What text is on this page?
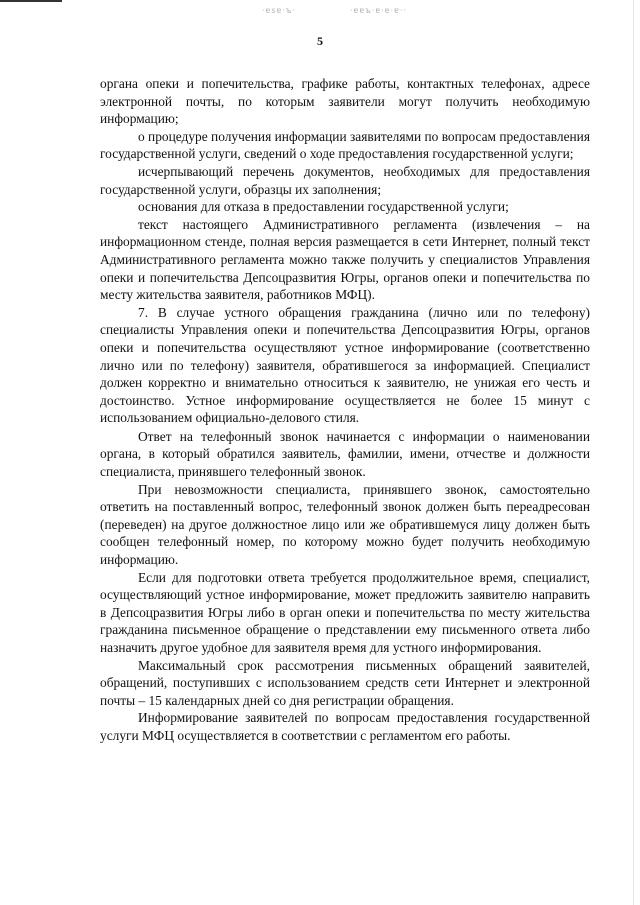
·ɐѕɐ·ъ·	·ɐɐъ·ɐ·ɐ·ɐ··
5

органа опеки и попечительства, графике работы, контактных телефонах, адресе электронной почты, по которым заявители могут получить необходимую информацию;

о процедуре получения информации заявителями по вопросам предоставления государственной услуги, сведений о ходе предоставления государственной услуги;

исчерпывающий перечень документов, необходимых для предоставления государственной услуги, образцы их заполнения;

основания для отказа в предоставлении государственной услуги;

текст настоящего Административного регламента (извлечения – на информационном стенде, полная версия размещается в сети Интернет, полный текст Административного регламента можно также получить у специалистов Управления опеки и попечительства Депсоцразвития Югры, органов опеки и попечительства по месту жительства заявителя, работников МФЦ).

7. В случае устного обращения гражданина (лично или по телефону) специалисты Управления опеки и попечительства Депсоцразвития Югры, органов опеки и попечительства осуществляют устное информирование (соответственно лично или по телефону) заявителя, обратившегося за информацией. Специалист должен корректно и внимательно относиться к заявителю, не унижая его честь и достоинство. Устное информирование осуществляется не более 15 минут с использованием официально-делового стиля.

Ответ на телефонный звонок начинается с информации о наименовании органа, в который обратился заявитель, фамилии, имени, отчестве и должности специалиста, принявшего телефонный звонок.

При невозможности специалиста, принявшего звонок, самостоятельно ответить на поставленный вопрос, телефонный звонок должен быть переадресован (переведен) на другое должностное лицо или же обратившемуся лицу должен быть сообщен телефонный номер, по которому можно будет получить необходимую информацию.

Если для подготовки ответа требуется продолжительное время, специалист, осуществляющий устное информирование, может предложить заявителю направить в Депсоцразвития Югры либо в орган опеки и попечительства по месту жительства гражданина письменное обращение о представлении ему письменного ответа либо назначить другое удобное для заявителя время для устного информирования.

Максимальный срок рассмотрения письменных обращений заявителей, обращений, поступивших с использованием средств сети Интернет и электронной почты – 15 календарных дней со дня регистрации обращения.

Информирование заявителей по вопросам предоставления государственной услуги МФЦ осуществляется в соответствии с регламентом его работы.
